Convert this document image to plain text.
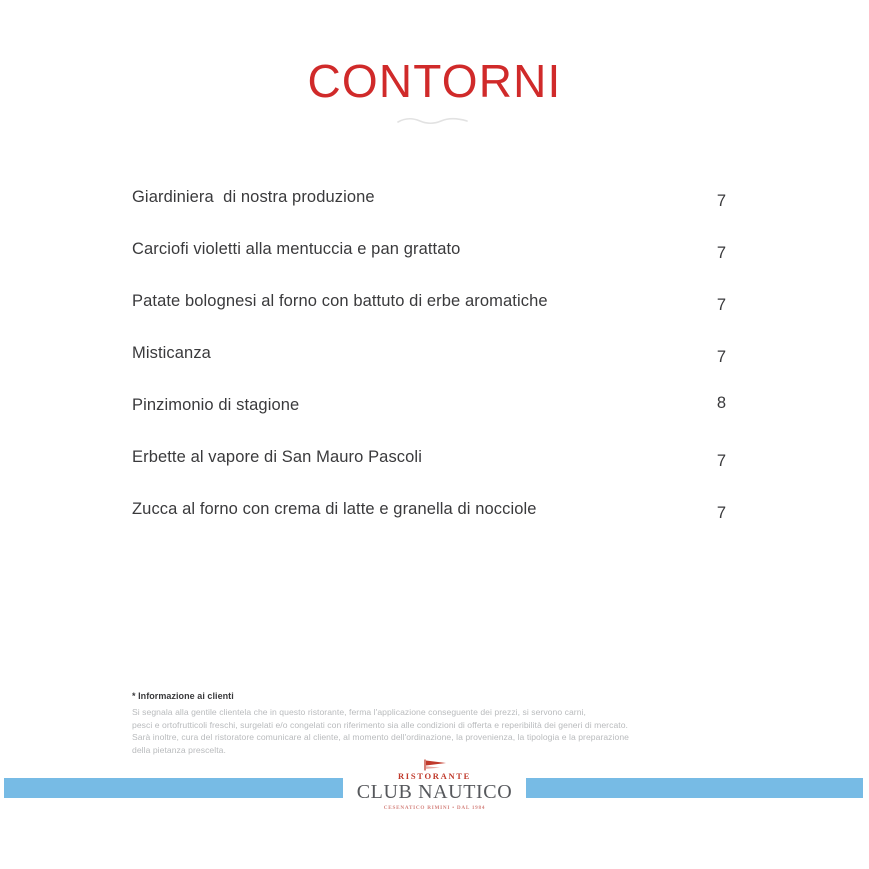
CONTORNI
Giardiniera  di nostra produzione	7
Carciofi violetti alla mentuccia e pan grattato	7
Patate bolognesi al forno con battuto di erbe aromatiche	7
Misticanza	7
Pinzimonio di stagione	8
Erbette al vapore di San Mauro Pascoli	7
Zucca al forno con crema di latte e granella di nocciole	7
* Informazione ai clienti
Si segnala alla gentile clientela che in questo ristorante, ferma l'applicazione conseguente dei prezzi, si servono carni,
pesci e ortofrutticoli freschi, surgelati e/o congelati con riferimento sia alle condizioni di offerta e reperibilità dei generi di mercato.
Sarà inoltre, cura del ristoratore comunicare al cliente, al momento dell'ordinazione, la provenienza, la tipologia e la preparazione
della pietanza prescelta.
RISTORANTE
CLUB NAUTICO
CESENATICO RIMINI • DAL 1984
